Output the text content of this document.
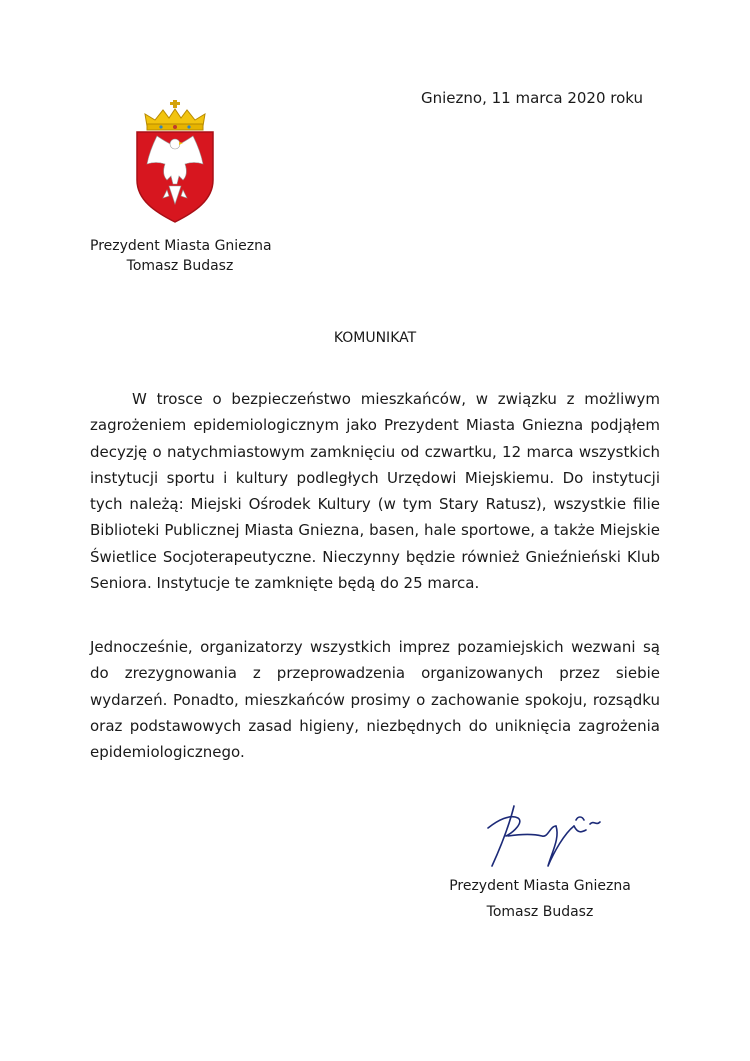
Gniezno, 11 marca 2020 roku
Prezydent Miasta Gniezna
Tomasz Budasz
KOMUNIKAT

W trosce o bezpieczeństwo mieszkańców, w związku z możliwym zagrożeniem epidemiologicznym jako Prezydent Miasta Gniezna podjąłem decyzję o natychmiastowym zamknięciu od czwartku, 12 marca wszystkich instytucji sportu i kultury podległych Urzędowi Miejskiemu. Do instytucji tych należą: Miejski Ośrodek Kultury (w tym Stary Ratusz), wszystkie filie Biblioteki Publicznej Miasta Gniezna, basen, hale sportowe, a także Miejskie Świetlice Socjoterapeutyczne. Nieczynny będzie również Gnieźnieński Klub Seniora. Instytucje te zamknięte będą do 25 marca.

Jednocześnie, organizatorzy wszystkich imprez pozamiejskich wezwani są do zrezygnowania z przeprowadzenia organizowanych przez siebie wydarzeń. Ponadto, mieszkańców prosimy o zachowanie spokoju, rozsądku oraz podstawowych zasad higieny, niezbędnych do uniknięcia zagrożenia epidemiologicznego.

Prezydent Miasta Gniezna
Tomasz Budasz
